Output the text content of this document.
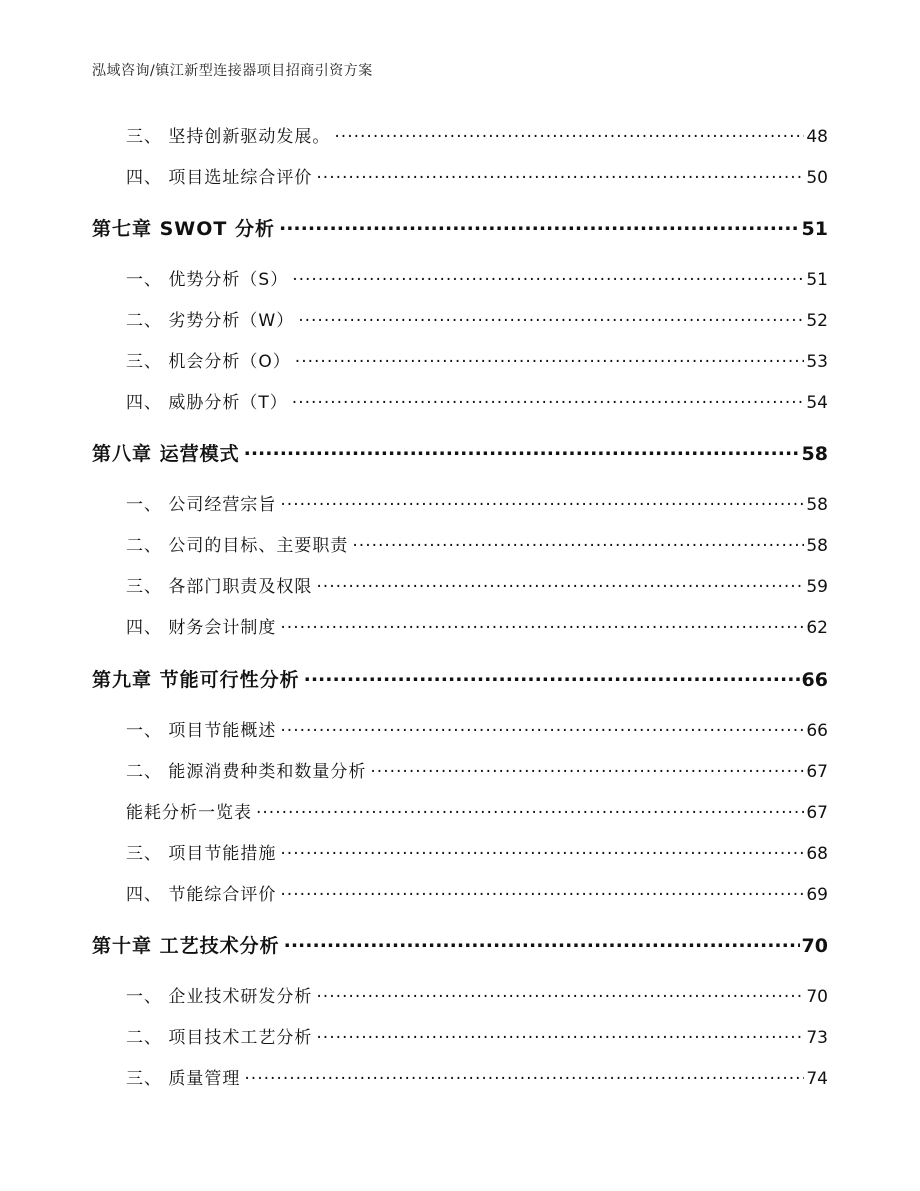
泓域咨询/镇江新型连接器项目招商引资方案
三、 坚持创新驱动发展。 .....	48
四、 项目选址综合评价 .....	50
第七章 SWOT 分析 .....	51
一、 优势分析（S） .....	51
二、 劣势分析（W） .....	52
三、 机会分析（O） .....	53
四、 威胁分析（T） .....	54
第八章 运营模式 .....	58
一、 公司经营宗旨 .....	58
二、 公司的目标、主要职责 .....	58
三、 各部门职责及权限 .....	59
四、 财务会计制度 .....	62
第九章 节能可行性分析 .....	66
一、 项目节能概述 .....	66
二、 能源消费种类和数量分析 .....	67
能耗分析一览表 .....	67
三、 项目节能措施 .....	68
四、 节能综合评价 .....	69
第十章 工艺技术分析 .....	70
一、 企业技术研发分析 .....	70
二、 项目技术工艺分析 .....	73
三、 质量管理 .....	74
